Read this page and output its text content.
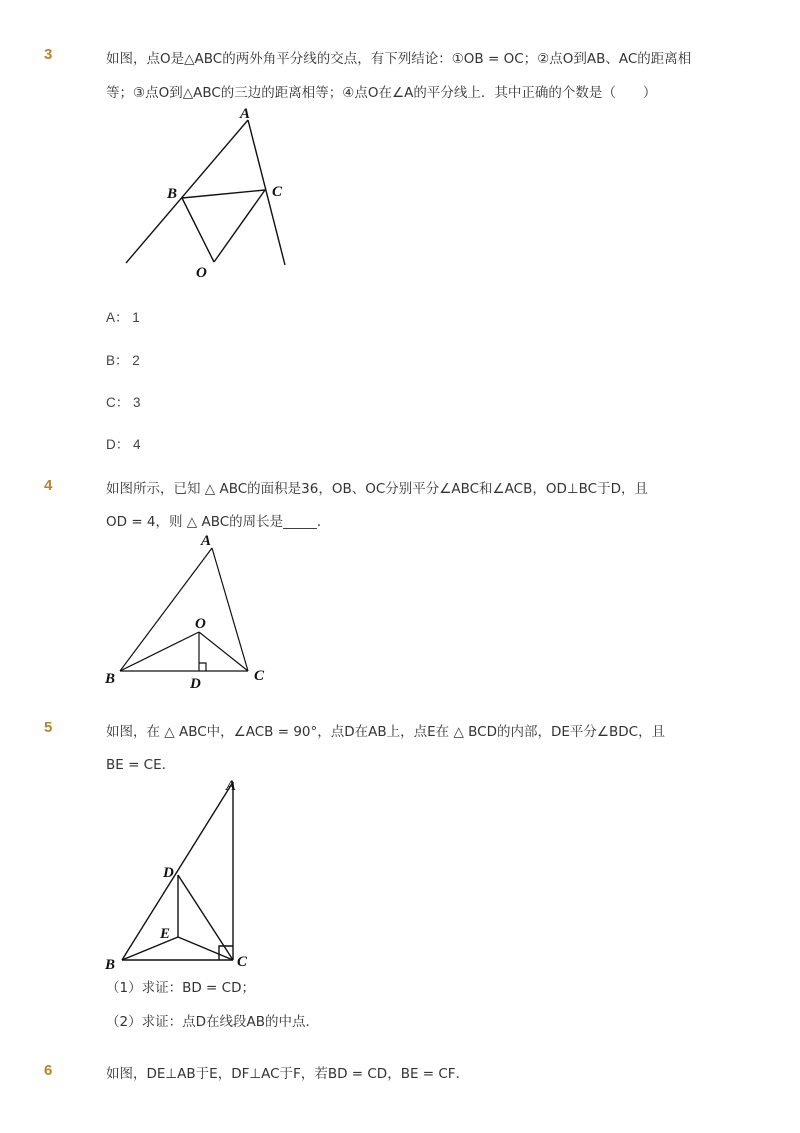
3	如图，点O是△ABC的两外角平分线的交点，有下列结论：①OB = OC；②点O到AB、AC的距离相
等；③点O到△ABC的三边的距离相等；④点O在∠A的平分线上．其中正确的个数是（　　）
A
B	C
O
A： 1
B： 2
C： 3
D： 4
4	如图所示，已知 △ ABC的面积是36，OB、OC分别平分∠ABC和∠ACB，OD⊥BC于D，且
OD = 4，则 △ ABC的周长是_____．
A
O
B	D	C
5	如图，在 △ ABC中，∠ACB = 90°，点D在AB上，点E在 △ BCD的内部，DE平分∠BDC，且
BE = CE．
A
D
E
B	C
（1）求证：BD = CD；
（2）求证：点D在线段AB的中点．
6	如图，DE⊥AB于E，DF⊥AC于F，若BD = CD，BE = CF．
